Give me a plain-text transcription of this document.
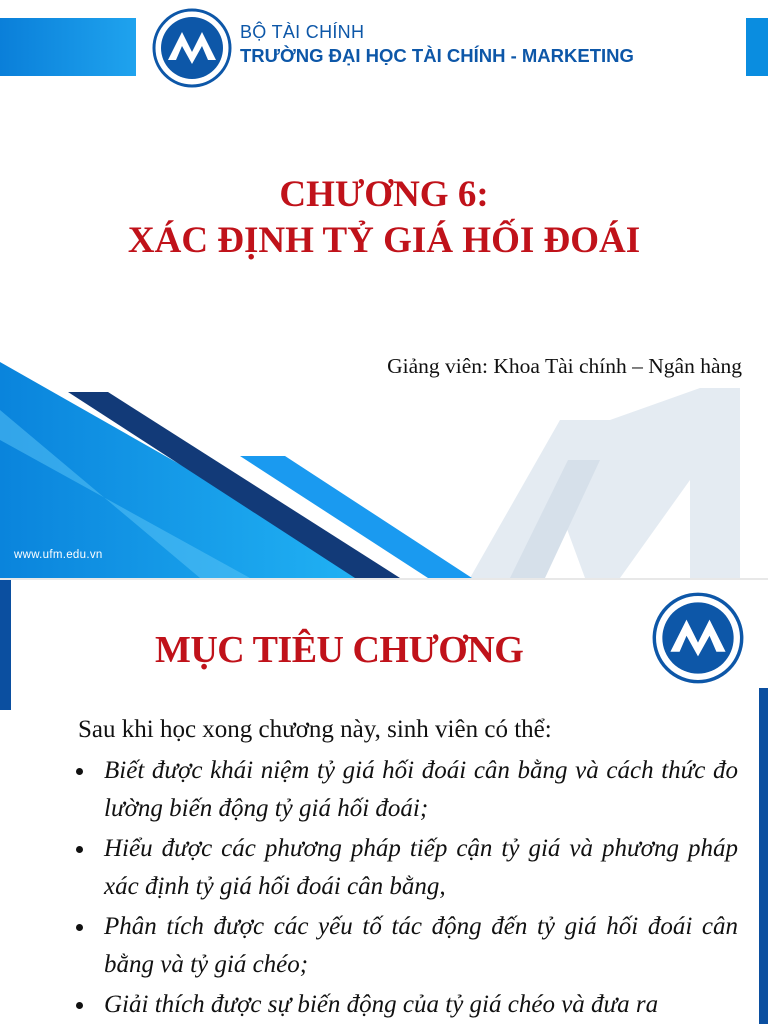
BỘ TÀI CHÍNH
TRƯỜNG ĐẠI HỌC TÀI CHÍNH - MARKETING
CHƯƠNG 6:
XÁC ĐỊNH TỶ GIÁ HỐI ĐOÁI
Giảng viên: Khoa Tài chính – Ngân hàng
www.ufm.edu.vn
MỤC TIÊU CHƯƠNG
Sau khi học xong chương này, sinh viên có thể:
Biết được khái niệm tỷ giá hối đoái cân bằng và cách thức đo lường biến động tỷ giá hối đoái;
Hiểu được các phương pháp tiếp cận tỷ giá và phương pháp xác định tỷ giá hối đoái cân bằng,
Phân tích được các yếu tố tác động đến tỷ giá hối đoái cân bằng và tỷ giá chéo;
Giải thích được sự biến động của tỷ giá chéo và đưa ra
